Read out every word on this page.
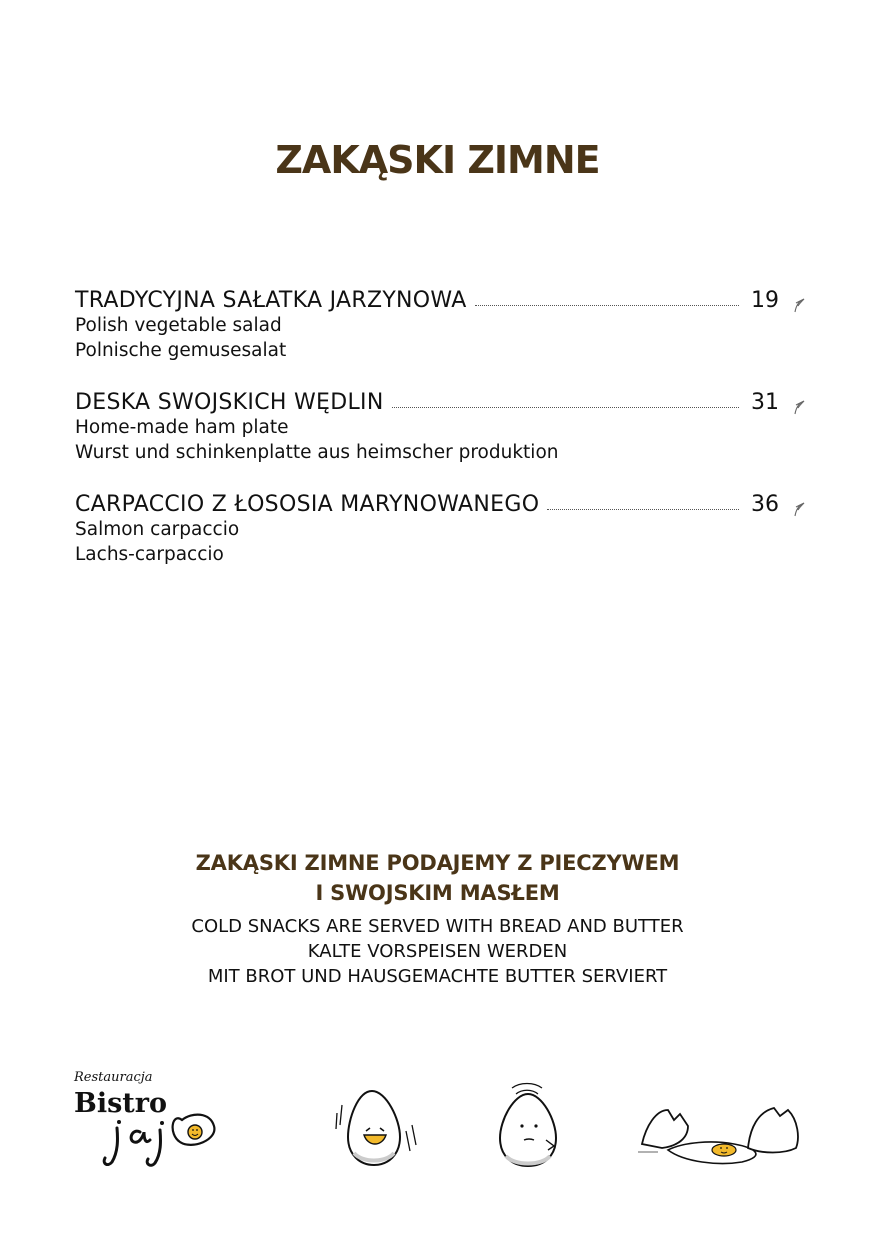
ZAKĄSKI ZIMNE
TRADYCYJNA SAŁATKA JARZYNOWA	19
Polish vegetable salad
Polnische gemusesalat
DESKA SWOJSKICH WĘDLIN	31
Home-made ham plate
Wurst und schinkenplatte aus heimscher produktion
CARPACCIO Z ŁOSOSIA MARYNOWANEGO	36
Salmon carpaccio
Lachs-carpaccio
ZAKĄSKI ZIMNE PODAJEMY Z PIECZYWEM
I SWOJSKIM MASŁEM
COLD SNACKS ARE SERVED WITH BREAD AND BUTTER
KALTE VORSPEISEN WERDEN
MIT BROT UND HAUSGEMACHTE BUTTER SERVIERT
Restauracja
Bistro
